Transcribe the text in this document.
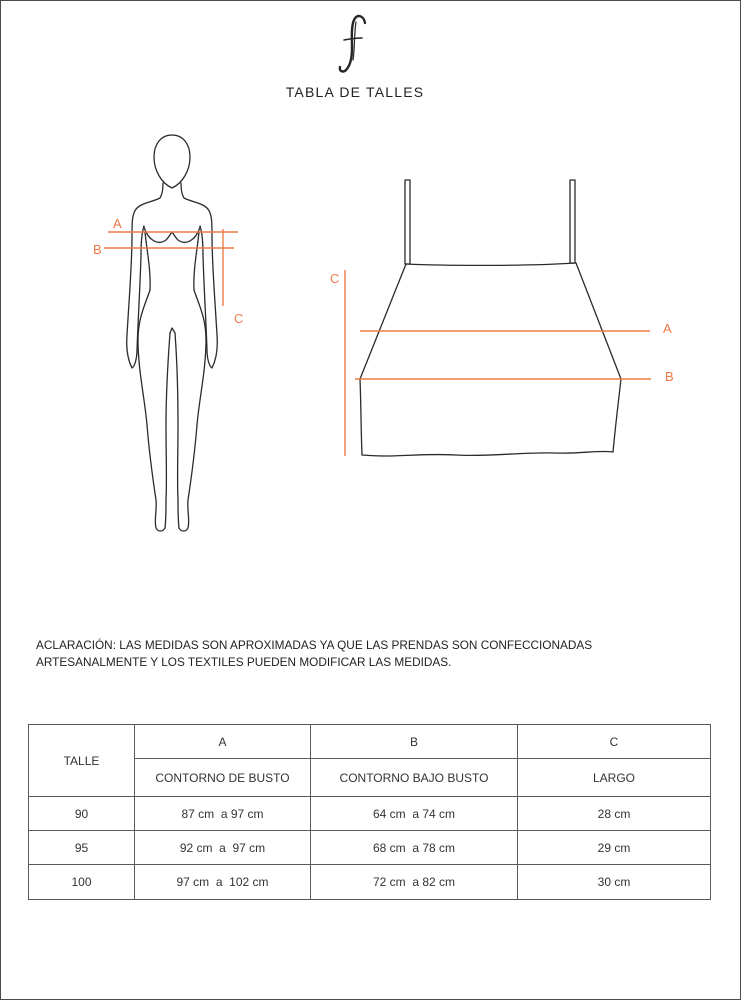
A
B
C
A
B
C
TABLA DE TALLES
ACLARACIÓN: LAS MEDIDAS SON APROXIMADAS YA QUE LAS PRENDAS SON CONFECCIONADAS
ARTESANALMENTE Y LOS TEXTILES PUEDEN MODIFICAR LAS MEDIDAS.
TALLE	A	B	C
	CONTORNO DE BUSTO	CONTORNO BAJO BUSTO	LARGO
90	87 cm  a 97 cm	64 cm  a 74 cm	28 cm
95	92 cm  a  97 cm	68 cm  a 78 cm	29 cm
100	97 cm  a  102 cm	72 cm  a 82 cm	30 cm
